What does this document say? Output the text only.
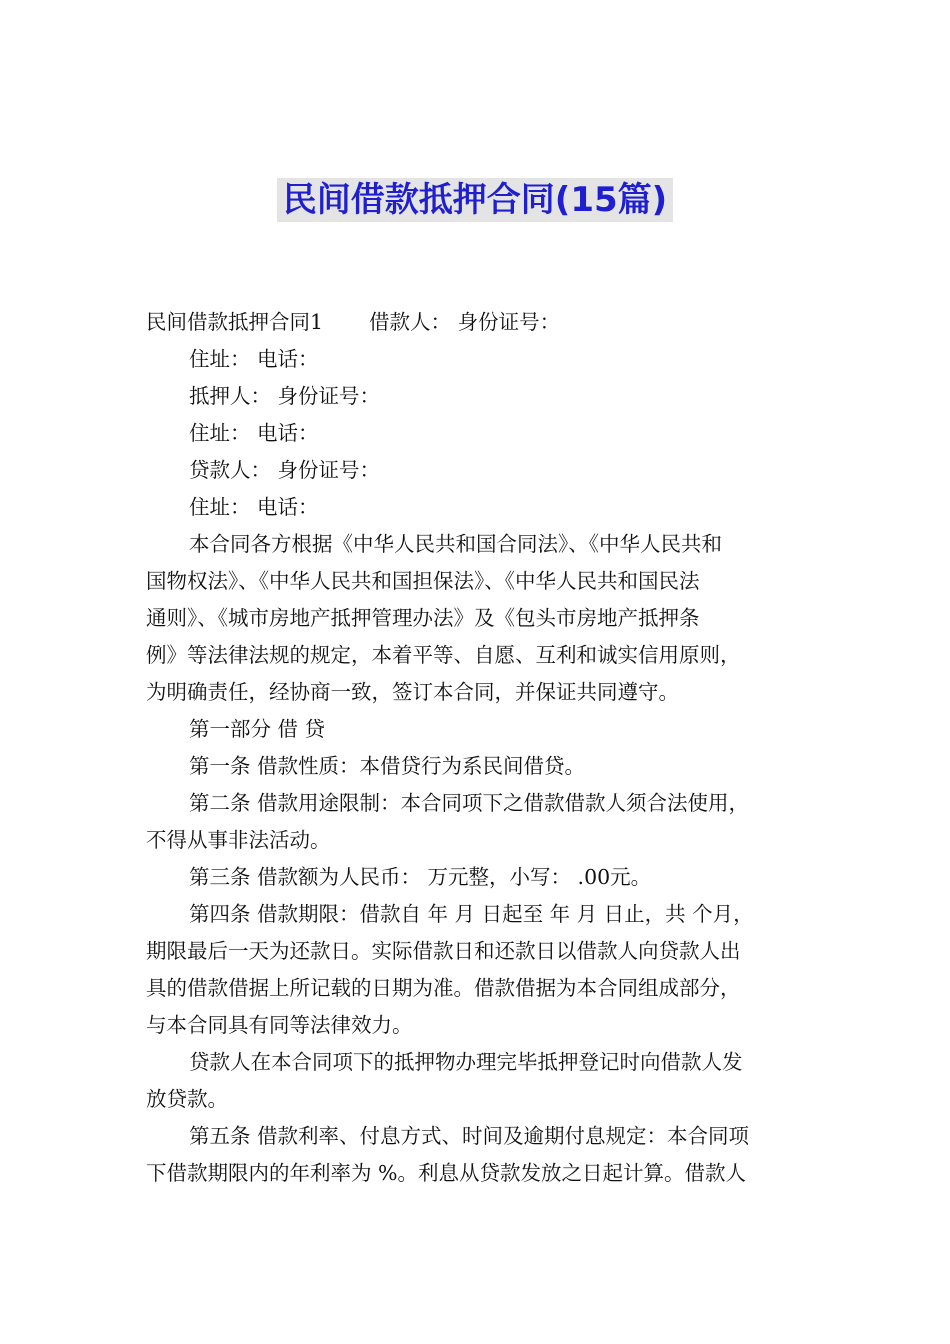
民间借款抵押合同(15篇)
民间借款抵押合同1 借款人： 身份证号：
住址： 电话：
抵押人： 身份证号：
住址： 电话：
贷款人： 身份证号：
住址： 电话：
本合同各方根据《中华人民共和国合同法》、《中华人民共和
国物权法》、《中华人民共和国担保法》、《中华人民共和国民法
通则》、《城市房地产抵押管理办法》及《包头市房地产抵押条
例》等法律法规的规定，本着平等、自愿、互利和诚实信用原则，
为明确责任，经协商一致，签订本合同，并保证共同遵守。
第一部分 借 贷
第一条 借款性质：本借贷行为系民间借贷。
第二条 借款用途限制：本合同项下之借款借款人须合法使用，
不得从事非法活动。
第三条 借款额为人民币： 万元整，小写： .00元。
第四条 借款期限：借款自 年 月 日起至 年 月 日止，共 个月，
期限最后一天为还款日。实际借款日和还款日以借款人向贷款人出
具的借款借据上所记载的日期为准。借款借据为本合同组成部分，
与本合同具有同等法律效力。
贷款人在本合同项下的抵押物办理完毕抵押登记时向借款人发
放贷款。
第五条 借款利率、付息方式、时间及逾期付息规定：本合同项
下借款期限内的年利率为 %。利息从贷款发放之日起计算。借款人
